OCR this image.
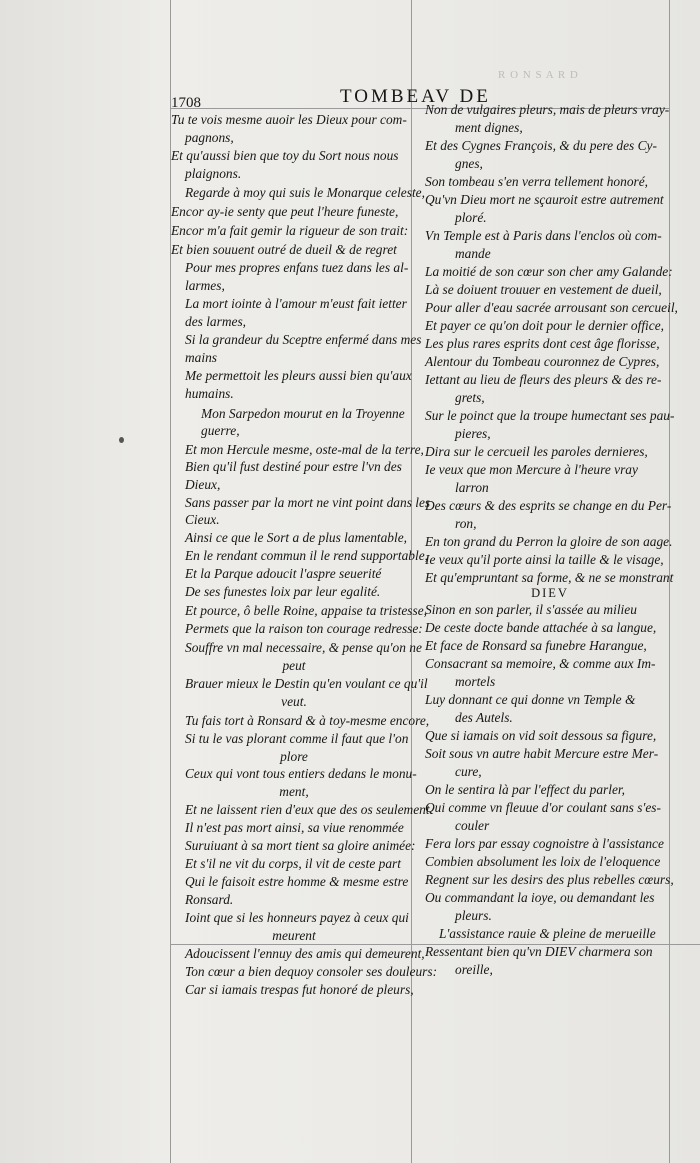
R O N S A R D
1708	TOMBEAV DE
Tu te vois mesme auoir les Dieux pour com-
pagnons,
Et qu'aussi bien que toy du Sort nous nous
plaignons.
Regarde à moy qui suis le Monarque celeste,
Encor ay-ie senty que peut l'heure funeste,
Encor m'a fait gemir la rigueur de son trait:
Et bien souuent outré de dueil & de regret
Pour mes propres enfans tuez dans les al-
larmes,
La mort iointe à l'amour m'eust fait ietter
des larmes,
Si la grandeur du Sceptre enfermé dans mes
mains
Me permettoit les pleurs aussi bien qu'aux
humains.
Mon Sarpedon mourut en la Troyenne
guerre,
Et mon Hercule mesme, oste-mal de la terre,
Bien qu'il fust destiné pour estre l'vn des
Dieux,
Sans passer par la mort ne vint point dans les
Cieux.
Ainsi ce que le Sort a de plus lamentable,
En le rendant commun il le rend supportable,
Et la Parque adoucit l'aspre seuerité
De ses funestes loix par leur egalité.
Et pource, ô belle Roine, appaise ta tristesse,
Permets que la raison ton courage redresse:
Souffre vn mal necessaire, & pense qu'on ne
peut
Brauer mieux le Destin qu'en voulant ce qu'il
veut.
Tu fais tort à Ronsard & à toy-mesme encore,
Si tu le vas plorant comme il faut que l'on
plore
Ceux qui vont tous entiers dedans le monu-
ment,
Et ne laissent rien d'eux que des os seulement.
Il n'est pas mort ainsi, sa viue renommée
Suruiuant à sa mort tient sa gloire animée:
Et s'il ne vit du corps, il vit de ceste part
Qui le faisoit estre homme & mesme estre
Ronsard.
Ioint que si les honneurs payez à ceux qui
meurent
Adoucissent l'ennuy des amis qui demeurent,
Ton cœur a bien dequoy consoler ses douleurs:
Car si iamais trespas fut honoré de pleurs,
Non de vulgaires pleurs, mais de pleurs vray-
ment dignes,
Et des Cygnes François, & du pere des Cy-
gnes,
Son tombeau s'en verra tellement honoré,
Qu'vn Dieu mort ne sçauroit estre autrement
ploré.
Vn Temple est à Paris dans l'enclos où com-
mande
La moitié de son cœur son cher amy Galande:
Là se doiuent trouuer en vestement de dueil,
Pour aller d'eau sacrée arrousant son cercueil,
Et payer ce qu'on doit pour le dernier office,
Les plus rares esprits dont cest âge florisse,
Alentour du Tombeau couronnez de Cypres,
Iettant au lieu de fleurs des pleurs & des re-
grets,
Sur le poinct que la troupe humectant ses pau-
pieres,
Dira sur le cercueil les paroles dernieres,
Ie veux que mon Mercure à l'heure vray
larron
Des cœurs & des esprits se change en du Per-
ron,
En ton grand du Perron la gloire de son aage.
Ie veux qu'il porte ainsi la taille & le visage,
Et qu'empruntant sa forme, & ne se monstrant
DIEV
Sinon en son parler, il s'assée au milieu
De ceste docte bande attachée à sa langue,
Et face de Ronsard sa funebre Harangue,
Consacrant sa memoire, & comme aux Im-
mortels
Luy donnant ce qui donne vn Temple &
des Autels.
Que si iamais on vid soit dessous sa figure,
Soit sous vn autre habit Mercure estre Mer-
cure,
On le sentira là par l'effect du parler,
Qui comme vn fleuue d'or coulant sans s'es-
couler
Fera lors par essay cognoistre à l'assistance
Combien absolument les loix de l'eloquence
Regnent sur les desirs des plus rebelles cœurs,
Ou commandant la ioye, ou demandant les
pleurs.
L'assistance rauie & pleine de merueille
Ressentant bien qu'vn DIEV charmera son
oreille,
